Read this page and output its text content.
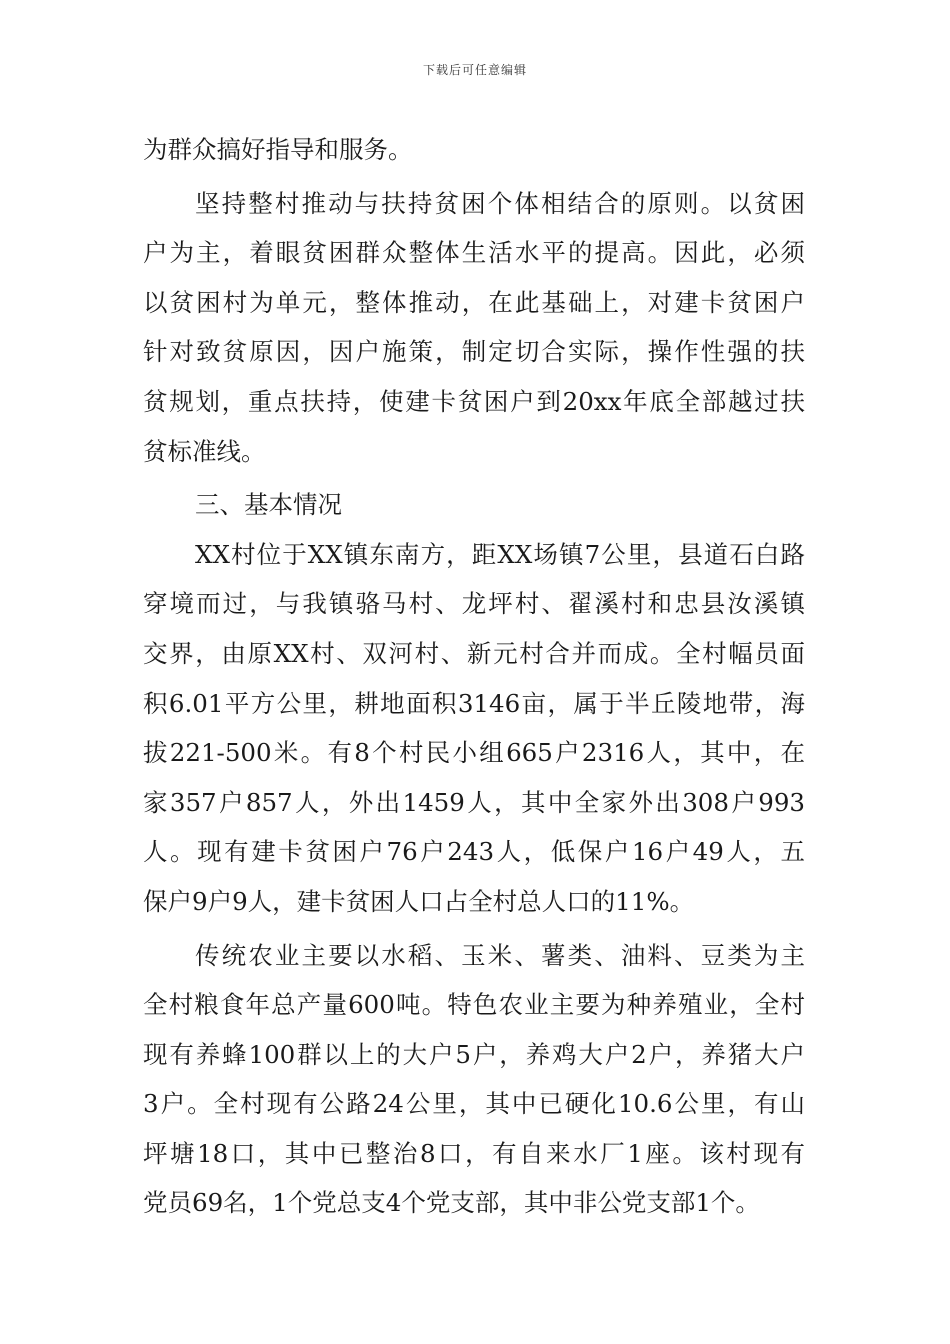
下载后可任意编辑
为群众搞好指导和服务。
坚持整村推动与扶持贫困个体相结合的原则。以贫困
户为主，着眼贫困群众整体生活水平的提高。因此，必须
以贫困村为单元，整体推动，在此基础上，对建卡贫困户
针对致贫原因，因户施策，制定切合实际，操作性强的扶
贫规划，重点扶持，使建卡贫困户到20xx年底全部越过扶
贫标准线。
三、基本情况
XX村位于XX镇东南方，距XX场镇7公里，县道石白路
穿境而过，与我镇骆马村、龙坪村、翟溪村和忠县汝溪镇
交界，由原XX村、双河村、新元村合并而成。全村幅员面
积6.01平方公里，耕地面积3146亩，属于半丘陵地带，海
拔221-500米。有8个村民小组665户2316人，其中，在
家357户857人，外出1459人，其中全家外出308户993
人。现有建卡贫困户76户243人，低保户16户49人，五
保户9户9人，建卡贫困人口占全村总人口的11%。
传统农业主要以水稻、玉米、薯类、油料、豆类为主
全村粮食年总产量600吨。特色农业主要为种养殖业，全村
现有养蜂100群以上的大户5户，养鸡大户2户，养猪大户
3户。全村现有公路24公里，其中已硬化10.6公里，有山
坪塘18口，其中已整治8口，有自来水厂1座。该村现有
党员69名，1个党总支4个党支部，其中非公党支部1个。
